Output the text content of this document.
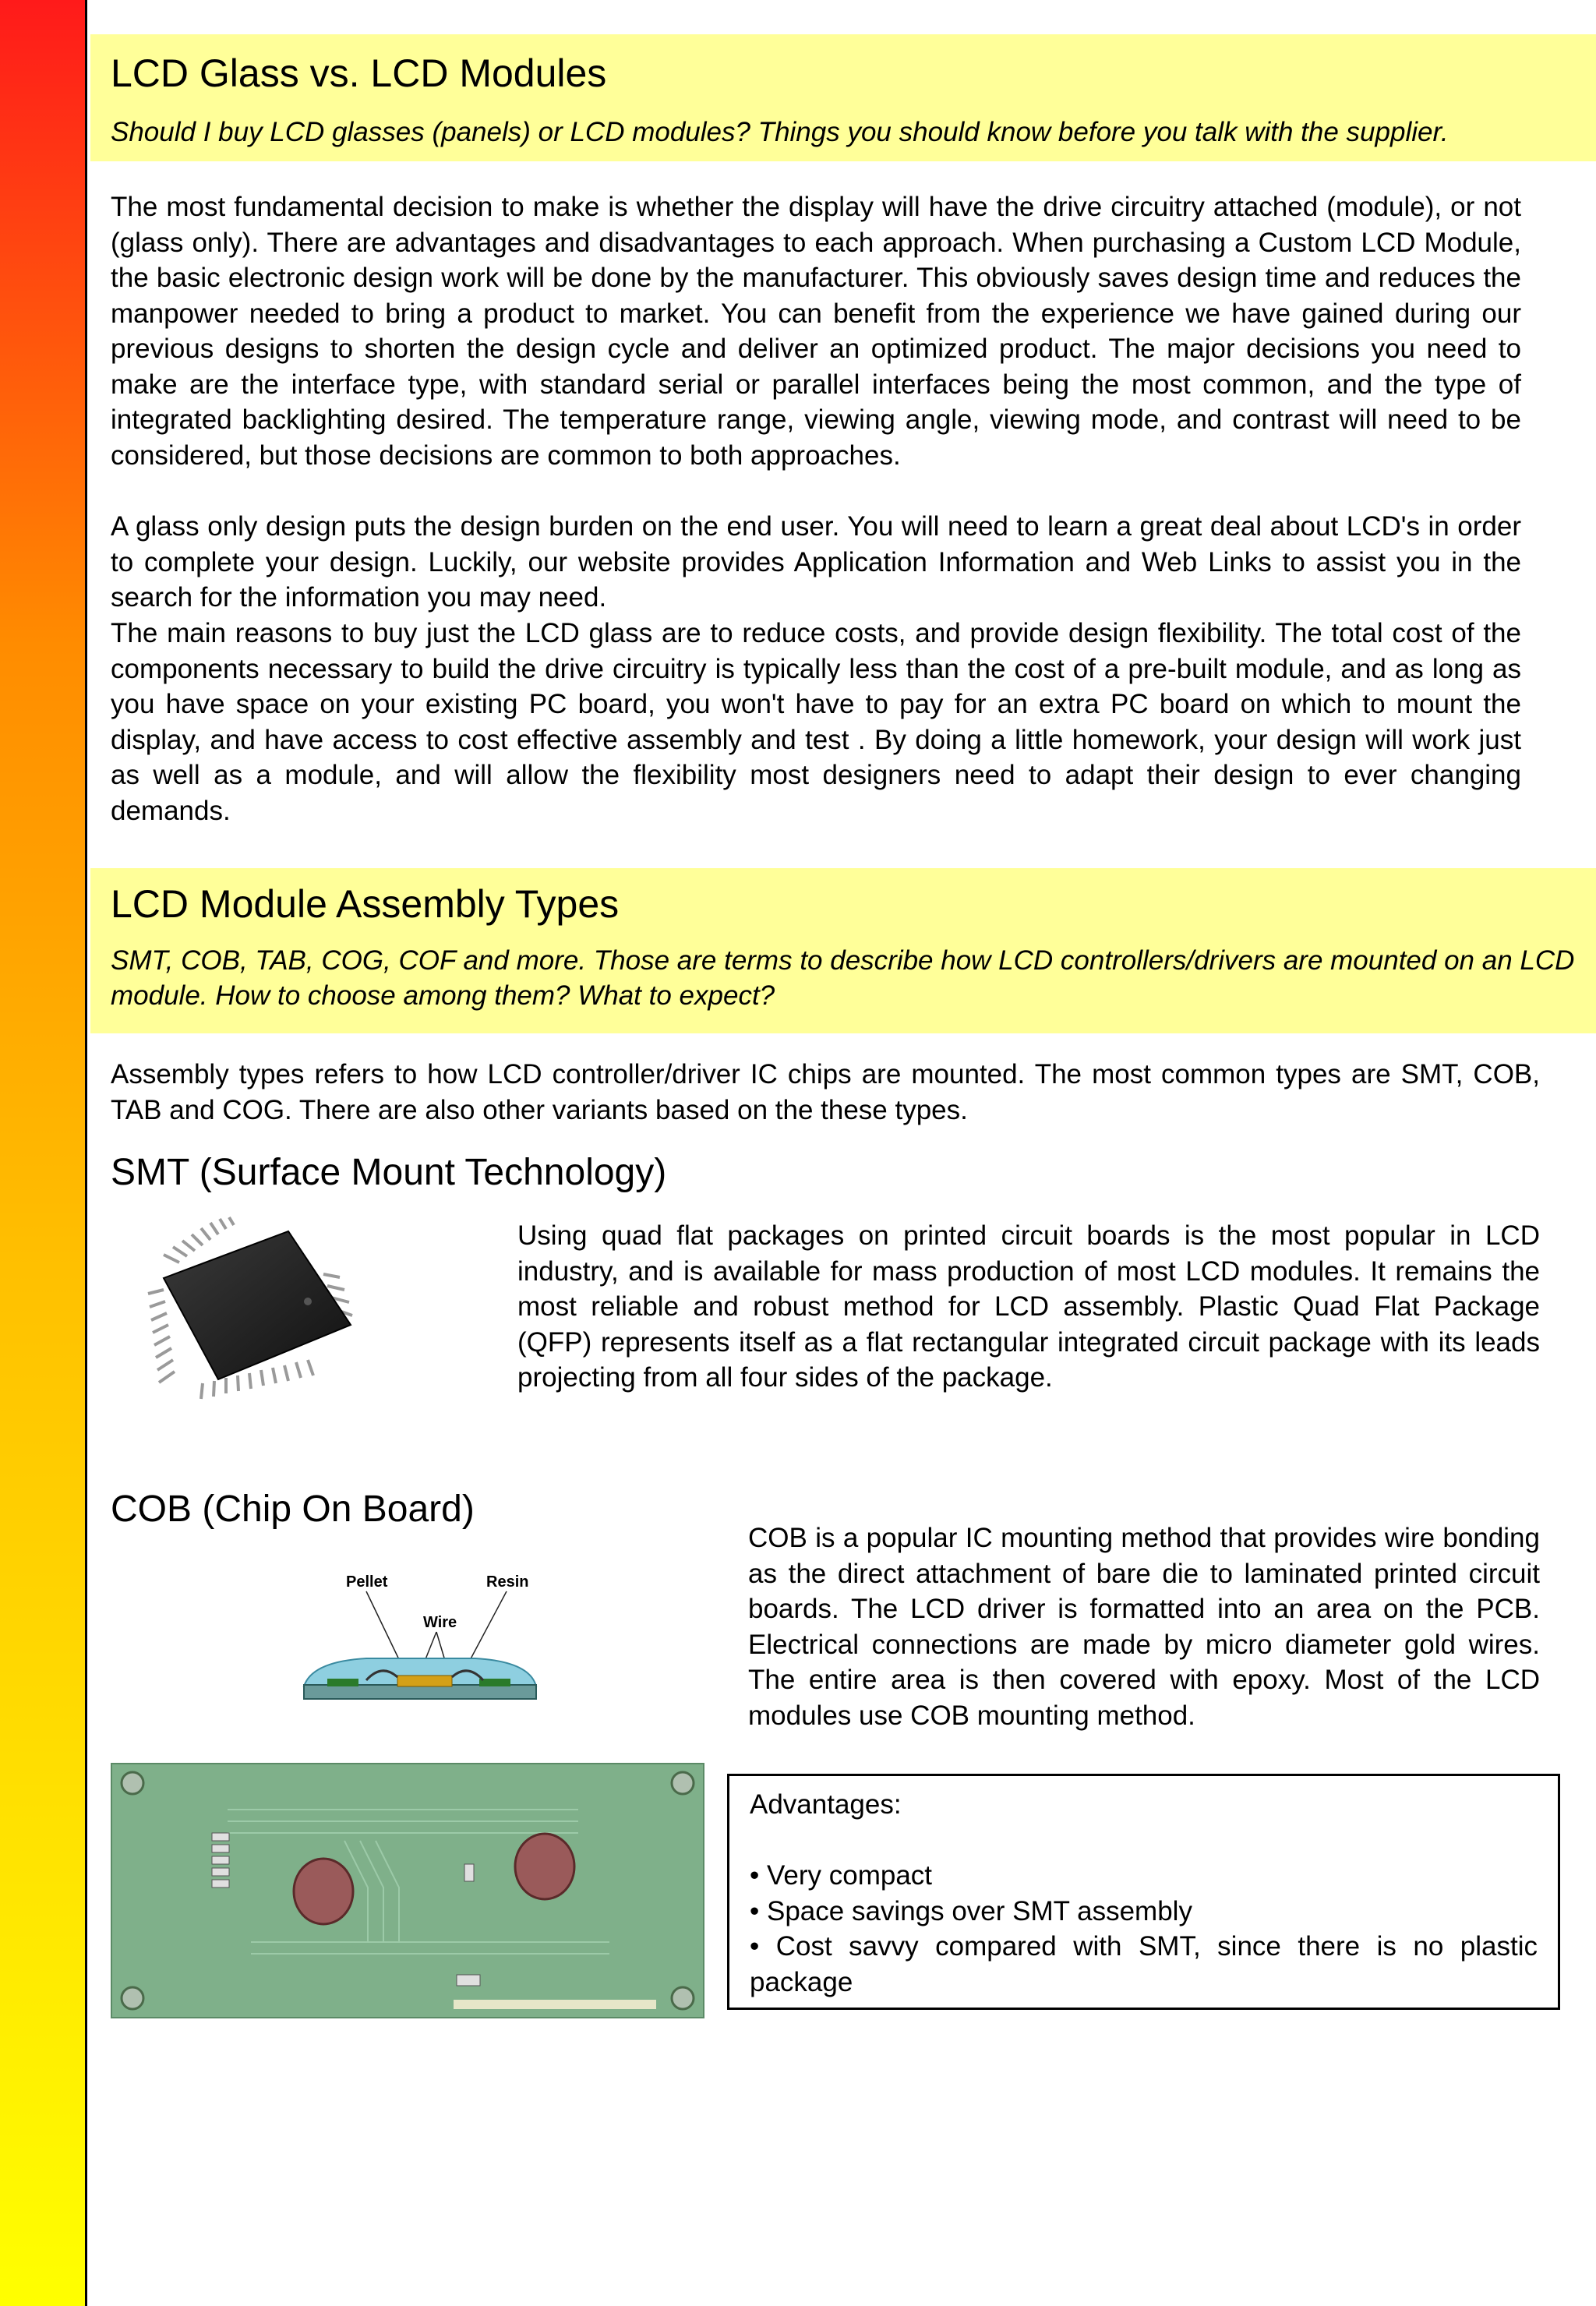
LCD Glass vs. LCD Modules

Should I buy LCD glasses (panels) or LCD modules? Things you should know before you talk with the supplier.

The most fundamental decision to make is whether the display will have the drive circuitry attached (module), or not (glass only). There are advantages and disadvantages to each approach. When purchasing a Custom LCD Module, the basic electronic design work will be done by the manufacturer. This obviously saves design time and reduces the manpower needed to bring a product to market. You can benefit from the experience we have gained during our previous designs to shorten the design cycle and deliver an optimized product. The major decisions you need to make are the interface type, with standard serial or parallel interfaces being the most common, and the type of integrated backlighting desired. The temperature range, viewing angle, viewing mode, and contrast will need to be considered, but those decisions are common to both approaches.

A glass only design puts the design burden on the end user. You will need to learn a great deal about LCD's in order to complete your design. Luckily, our website provides Application Information and Web Links to assist you in the search for the information you may need.

The main reasons to buy just the LCD glass are to reduce costs, and provide design flexibility. The total cost of the components necessary to build the drive circuitry is typically less than the cost of a pre-built module, and as long as you have space on your existing PC board, you won't have to pay for an extra PC board on which to mount the display, and have access to cost effective assembly and test . By doing a little homework, your design will work just as well as a module, and will allow the flexibility most designers need to adapt their design to ever changing demands.

LCD Module Assembly Types

SMT, COB, TAB, COG, COF and more. Those are terms to describe how LCD controllers/drivers are mounted on an LCD module. How to choose among them? What to expect?

Assembly types refers to how LCD controller/driver IC chips are mounted. The most common types are SMT, COB, TAB and COG. There are also other variants based on the these types.

SMT (Surface Mount Technology)

Using quad flat packages on printed circuit boards is the most popular in LCD industry, and is available for mass production of most LCD modules. It remains the most reliable and robust method for LCD assembly. Plastic Quad Flat Package (QFP) represents itself as a flat rectangular integrated circuit package with its leads projecting from all four sides of the package.

COB (Chip On Board)
Pellet	Resin
Wire

COB is a popular IC mounting method that provides wire bonding as the direct attachment of bare die to laminated printed circuit boards. The LCD driver is formatted into an area on the PCB. Electrical connections are made by micro diameter gold wires. The entire area is then covered with epoxy. Most of the LCD modules use COB mounting method.

Advantages:

• Very compact
• Space savings over SMT assembly
• Cost savvy compared with SMT, since there is no plastic package
